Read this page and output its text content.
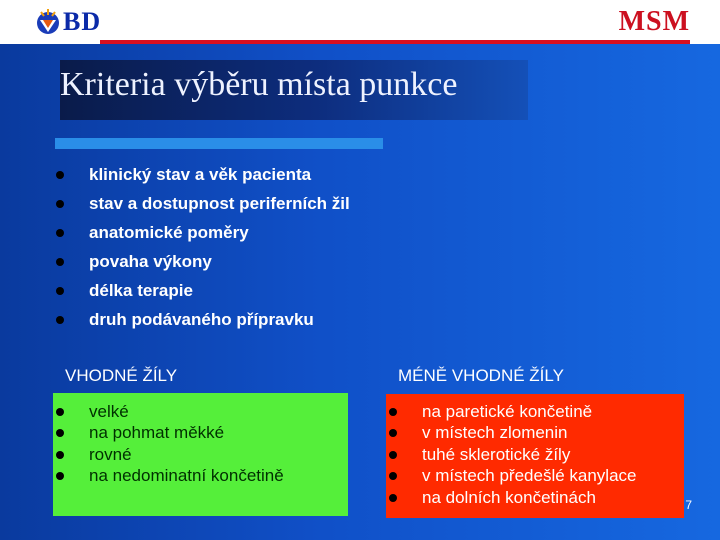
BD	MSM
Kriteria výběru místa punkce
klinický stav a věk pacienta
stav a dostupnost periferních žil
anatomické poměry
povaha výkony
délka terapie
druh podávaného přípravku
VHODNÉ ŽÍLY	MÉNĚ VHODNÉ ŽÍLY
velké
na pohmat měkké
rovné
na nedominatní končetině
na paretické končetině
v místech zlomenin
tuhé sklerotické žíly
v místech předešlé kanylace
na dolních končetinách	7
